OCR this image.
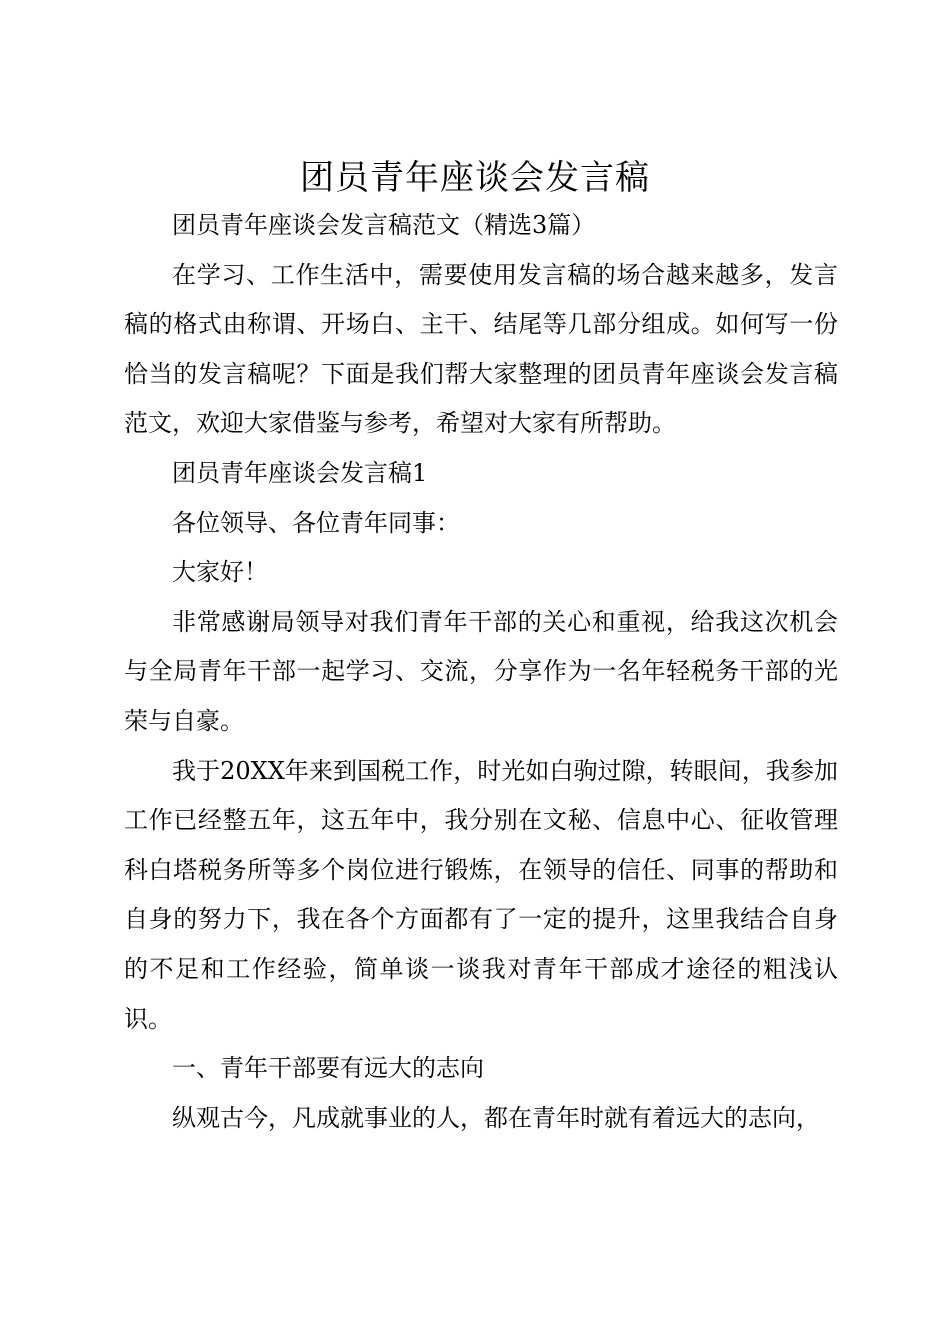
团员青年座谈会发言稿

团员青年座谈会发言稿范文（精选3篇）

在学习、工作生活中，需要使用发言稿的场合越来越多，发言稿的格式由称谓、开场白、主干、结尾等几部分组成。如何写一份恰当的发言稿呢？下面是我们帮大家整理的团员青年座谈会发言稿范文，欢迎大家借鉴与参考，希望对大家有所帮助。

团员青年座谈会发言稿1

各位领导、各位青年同事：

大家好！

非常感谢局领导对我们青年干部的关心和重视，给我这次机会与全局青年干部一起学习、交流，分享作为一名年轻税务干部的光荣与自豪。

我于20XX年来到国税工作，时光如白驹过隙，转眼间，我参加工作已经整五年，这五年中，我分别在文秘、信息中心、征收管理科白塔税务所等多个岗位进行锻炼，在领导的信任、同事的帮助和自身的努力下，我在各个方面都有了一定的提升，这里我结合自身的不足和工作经验，简单谈一谈我对青年干部成才途径的粗浅认识。

一、青年干部要有远大的志向

纵观古今，凡成就事业的人，都在青年时就有着远大的志向，
